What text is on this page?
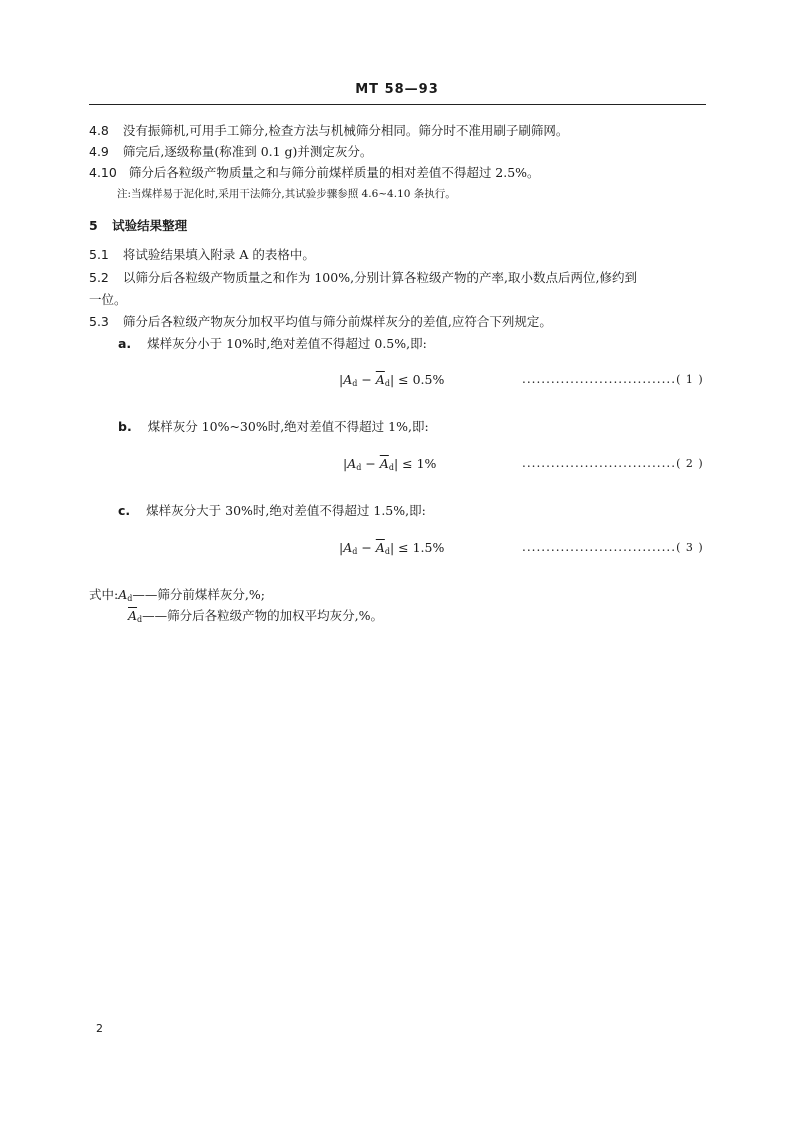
MT 58—93
4.8 没有振筛机,可用手工筛分,检查方法与机械筛分相同。筛分时不准用刷子刷筛网。
4.9 筛完后,逐级称量(称准到 0.1 g)并测定灰分。
4.10 筛分后各粒级产物质量之和与筛分前煤样质量的相对差值不得超过 2.5%。
注:当煤样易于泥化时,采用干法筛分,其试验步骤参照 4.6~4.10 条执行。
5 试验结果整理
5.1 将试验结果填入附录 A 的表格中。
5.2 以筛分后各粒级产物质量之和作为 100%,分别计算各粒级产物的产率,取小数点后两位,修约到
一位。
5.3 筛分后各粒级产物灰分加权平均值与筛分前煤样灰分的差值,应符合下列规定。
a. 煤样灰分小于 10%时,绝对差值不得超过 0.5%,即:
$|A_d - \overline{A}_d| \le 0.5\%$	................................( 1 )
b. 煤样灰分 10%~30%时,绝对差值不得超过 1%,即:
$|A_d - \overline{A}_d| \le 1\%$	................................( 2 )
c. 煤样灰分大于 30%时,绝对差值不得超过 1.5%,即:
$|A_d - \overline{A}_d| \le 1.5\%$	................................( 3 )
式中$:A_d——$筛分前煤样灰分,%;
$\overline{A}_d——$筛分后各粒级产物的加权平均灰分,%。
2
